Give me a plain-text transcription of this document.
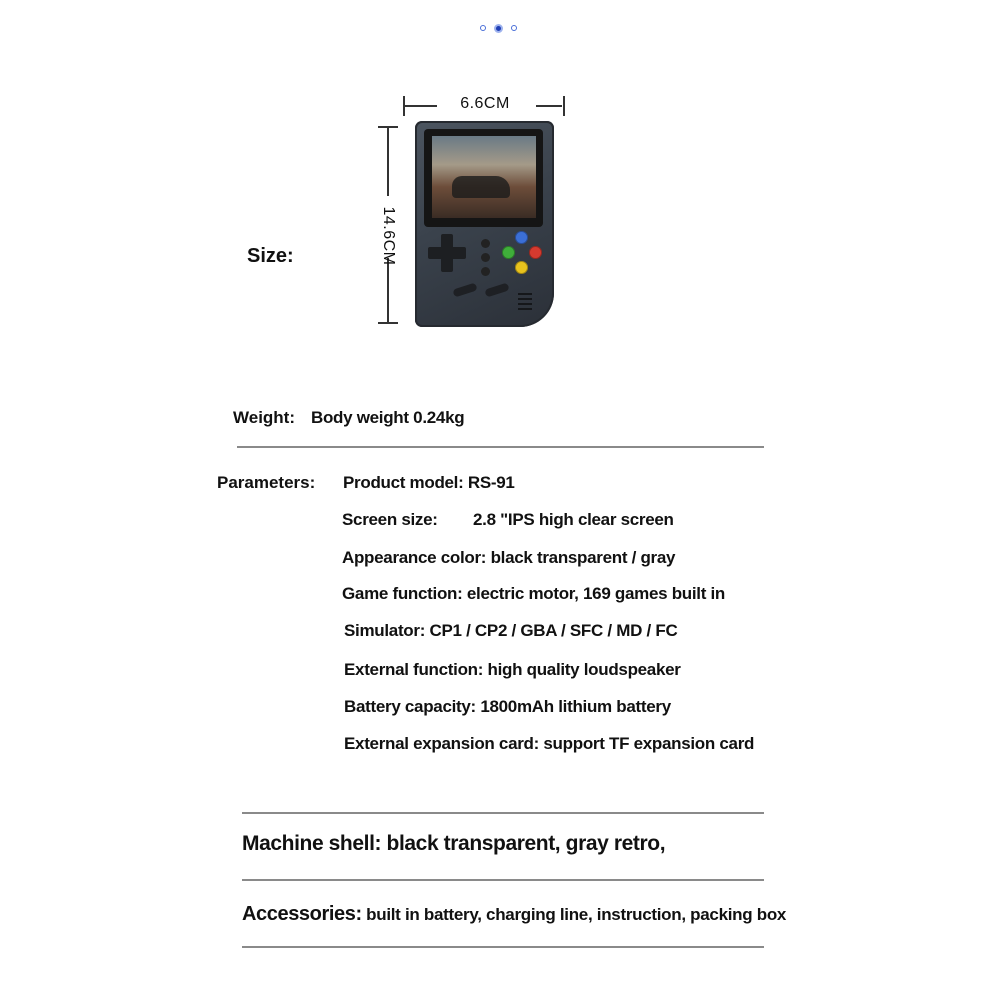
6.6CM
14.6CM
Size:
Weight: Body weight 0.24kg
Parameters: Product model: RS-91
Screen size:        2.8 "IPS high clear screen
Appearance color: black transparent / gray
Game function: electric motor, 169 games built in
Simulator: CP1 / CP2 / GBA / SFC / MD / FC
External function: high quality loudspeaker
Battery capacity: 1800mAh lithium battery
External expansion card: support TF expansion card
Machine shell: black transparent, gray retro,
Accessories: built in battery, charging line, instruction, packing box
